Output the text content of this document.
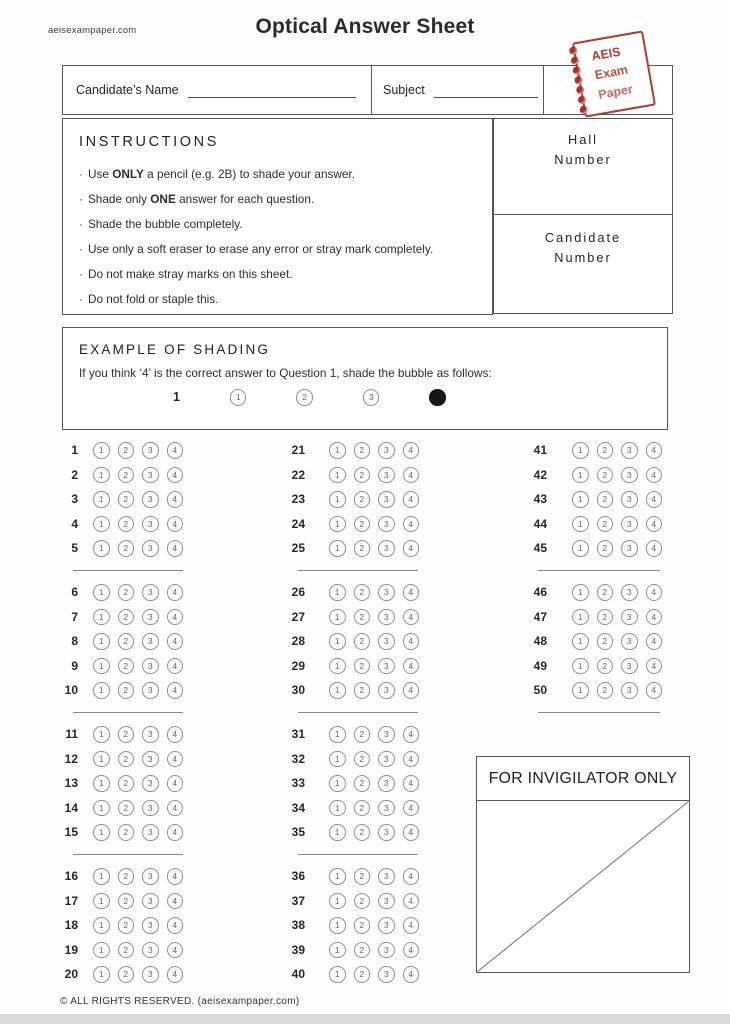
aeisexampaper.com	Optical Answer Sheet
AEIS
Exam
Paper
Candidate’s Name	Subject
INSTRUCTIONS
· Use ONLY a pencil (e.g. 2B) to shade your answer.
· Shade only ONE answer for each question.
· Shade the bubble completely.
· Use only a soft eraser to erase any error or stray mark completely.
· Do not make stray marks on this sheet.
· Do not fold or staple this.
Hall Number
Candidate Number
EXAMPLE OF SHADING
If you think ‘4’ is the correct answer to Question 1, shade the bubble as follows:
1	1	2	3
1	1	2	3	4
2	1	2	3	4
3	1	2	3	4
4	1	2	3	4
5	1	2	3	4
6	1	2	3	4
7	1	2	3	4
8	1	2	3	4
9	1	2	3	4
10	1	2	3	4
11	1	2	3	4
12	1	2	3	4
13	1	2	3	4
14	1	2	3	4
15	1	2	3	4
16	1	2	3	4
17	1	2	3	4
18	1	2	3	4
19	1	2	3	4
20	1	2	3	4
21	1	2	3	4
22	1	2	3	4
23	1	2	3	4
24	1	2	3	4
25	1	2	3	4
26	1	2	3	4
27	1	2	3	4
28	1	2	3	4
29	1	2	3	4
30	1	2	3	4
31	1	2	3	4
32	1	2	3	4
33	1	2	3	4
34	1	2	3	4
35	1	2	3	4
36	1	2	3	4
37	1	2	3	4
38	1	2	3	4
39	1	2	3	4
40	1	2	3	4
41	1	2	3	4
42	1	2	3	4
43	1	2	3	4
44	1	2	3	4
45	1	2	3	4
46	1	2	3	4
47	1	2	3	4
48	1	2	3	4
49	1	2	3	4
50	1	2	3	4
FOR INVIGILATOR ONLY
© ALL RIGHTS RESERVED. (aeisexampaper.com)
